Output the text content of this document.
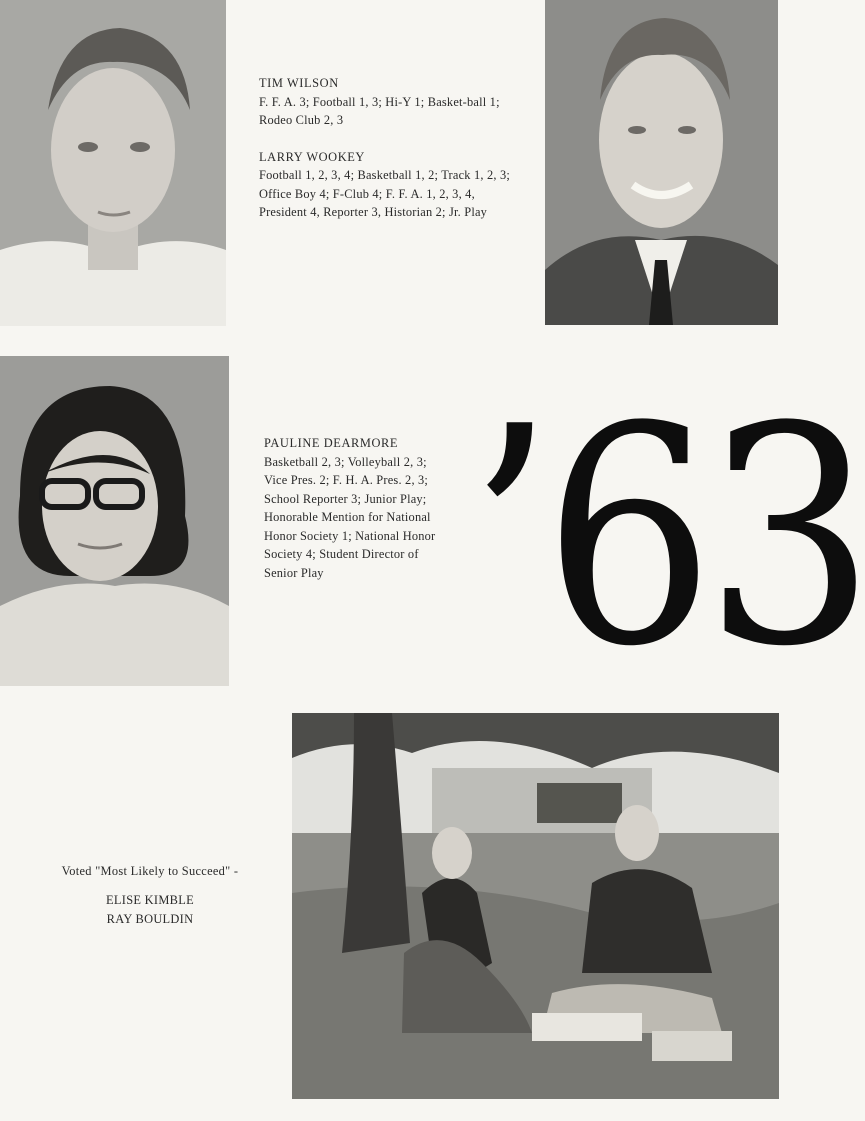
TIM WILSON
F. F. A. 3; Football 1, 3; Hi-Y 1; Basket-ball 1; Rodeo Club 2, 3
LARRY WOOKEY
Football 1, 2, 3, 4; Basketball 1, 2; Track 1, 2, 3; Office Boy 4; F-Club 4; F. F. A. 1, 2, 3, 4, President 4, Reporter 3, Historian 2; Jr. Play
PAULINE DEARMORE
Basketball 2, 3; Volleyball 2, 3; Vice Pres. 2; F. H. A. Pres. 2, 3; School Reporter 3; Junior Play; Honorable Mention for National Honor Society 1; National Honor Society 4; Student Director of Senior Play ’63
Voted "Most Likely to Succeed" -
ELISE KIMBLE
RAY BOULDIN
